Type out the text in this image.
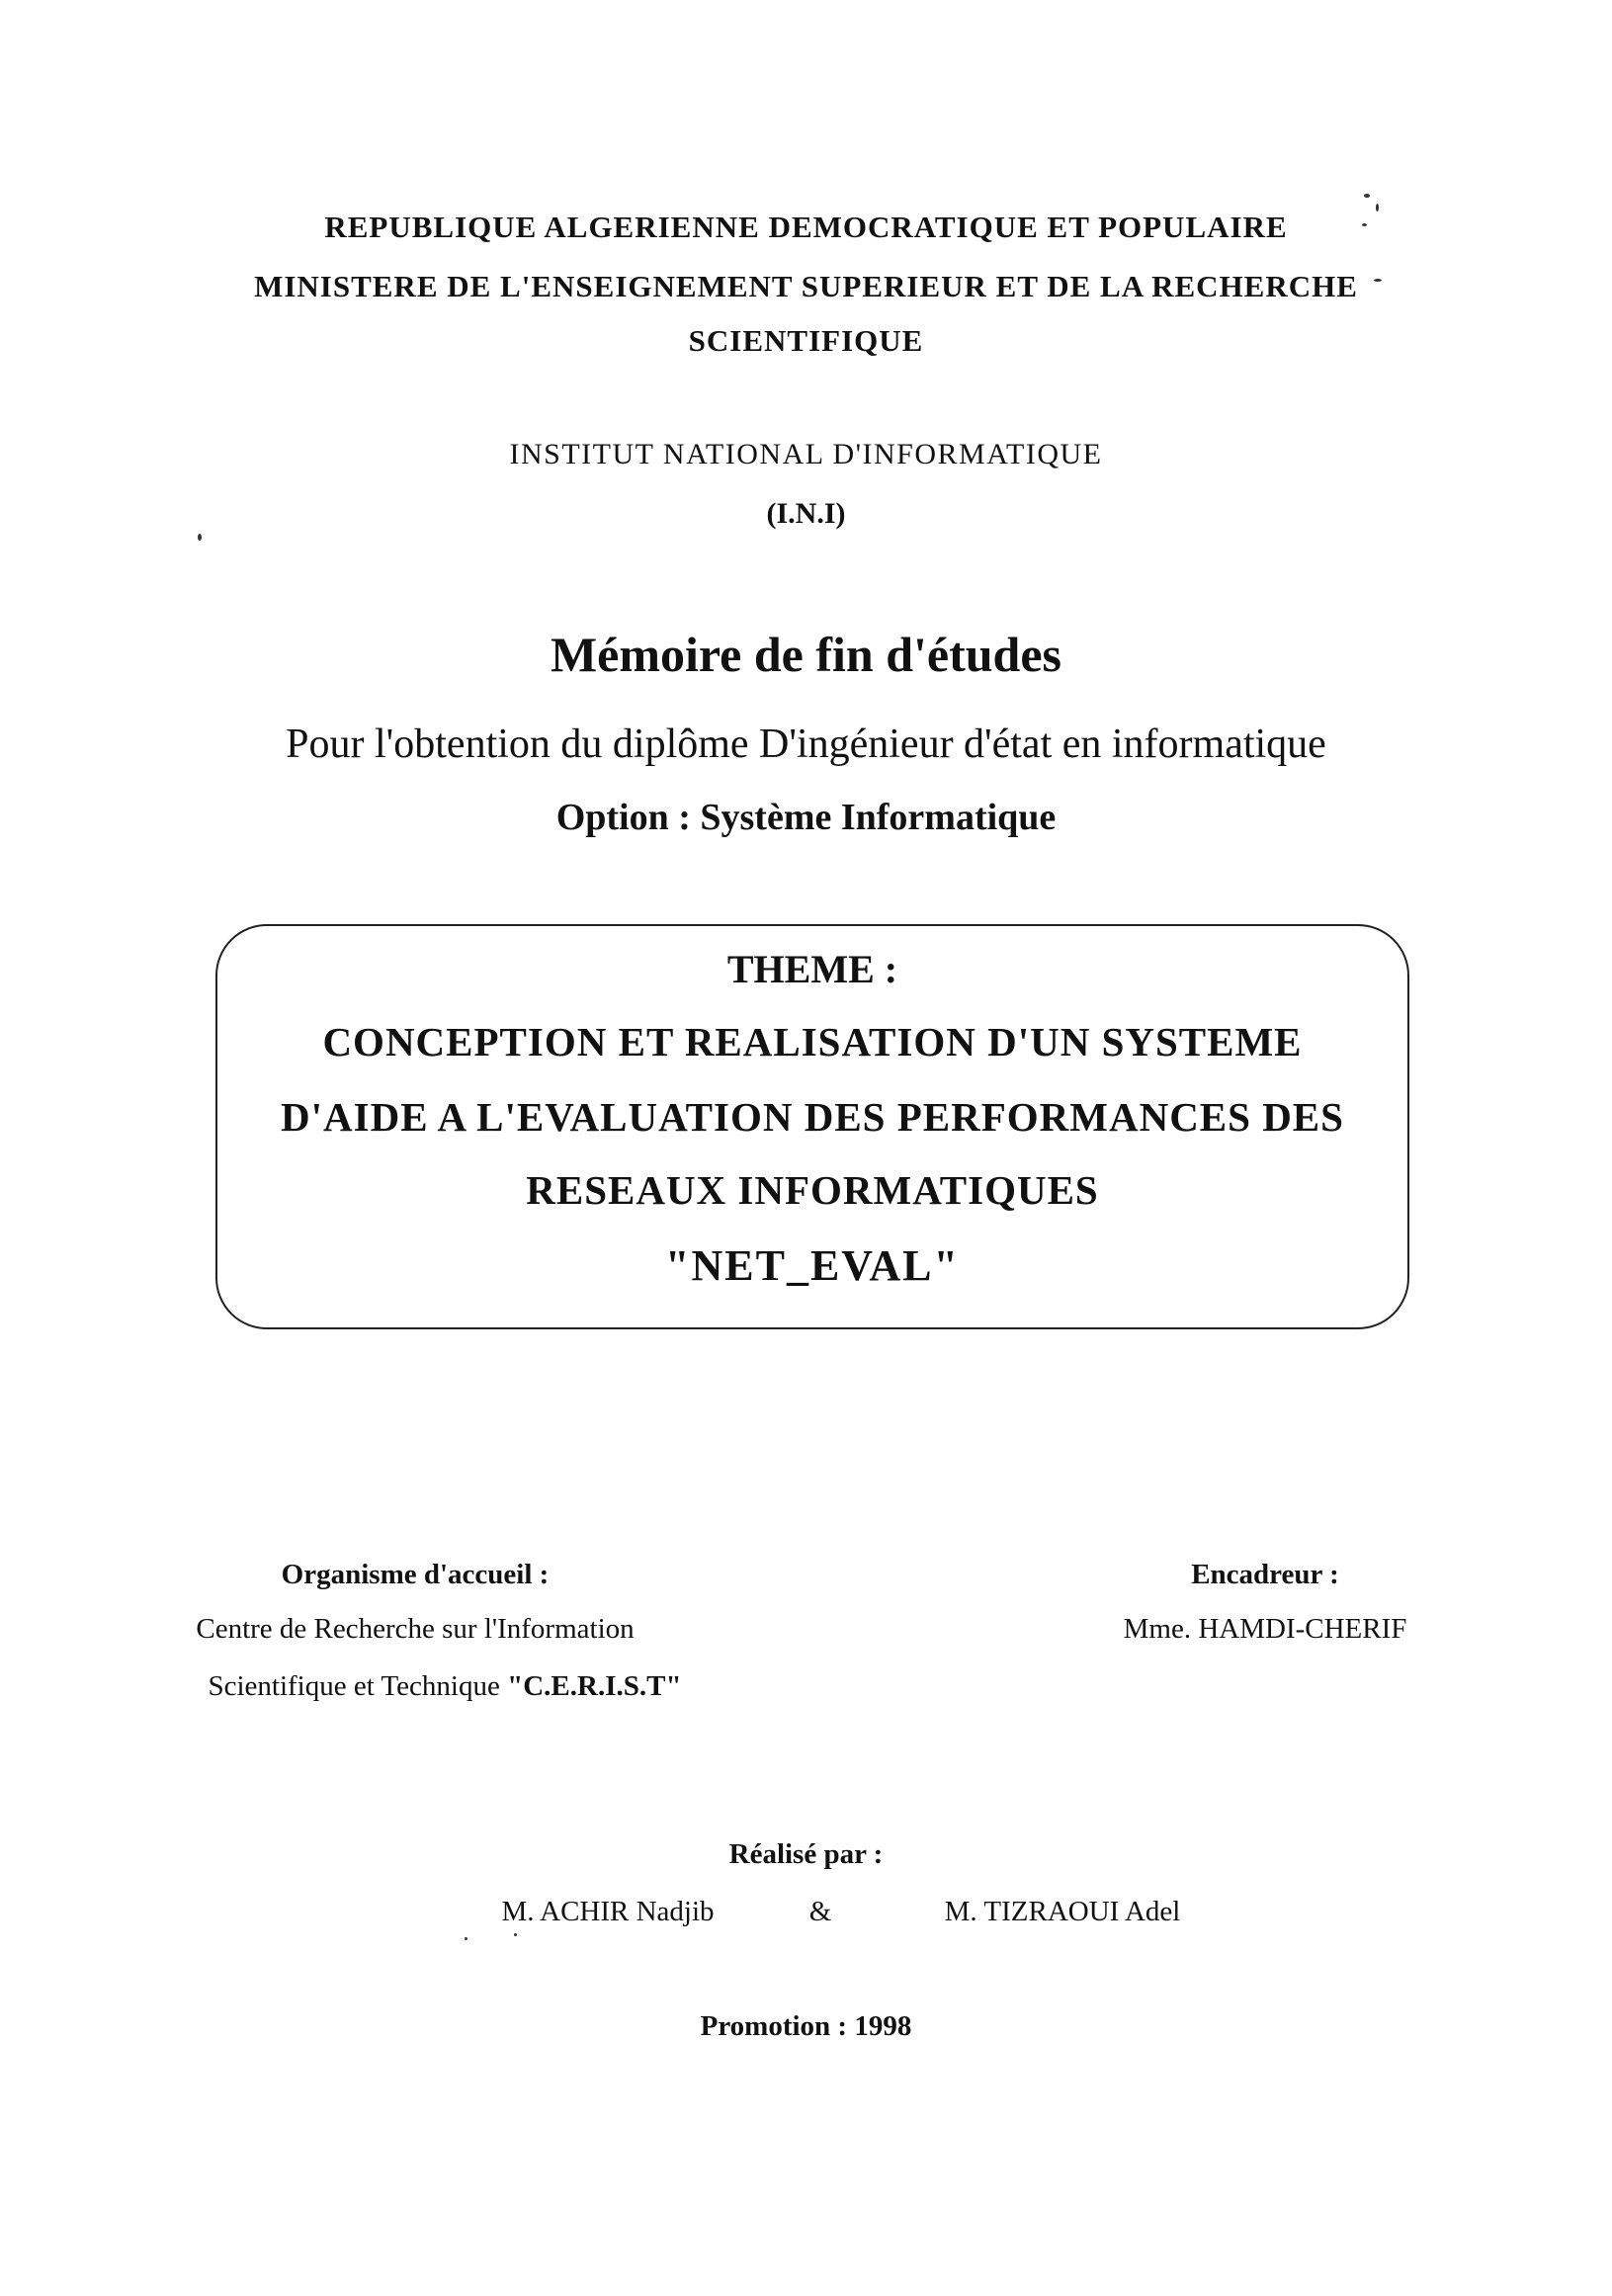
REPUBLIQUE ALGERIENNE DEMOCRATIQUE ET POPULAIRE
MINISTERE DE L'ENSEIGNEMENT SUPERIEUR ET DE LA RECHERCHE
SCIENTIFIQUE
INSTITUT NATIONAL D'INFORMATIQUE
(I.N.I)
Mémoire de fin d'études
Pour l'obtention du diplôme D'ingénieur d'état en informatique
Option : Système Informatique
THEME :
CONCEPTION ET REALISATION D'UN SYSTEME
D'AIDE A L'EVALUATION DES PERFORMANCES DES
RESEAUX INFORMATIQUES
"NET_EVAL"
Organisme d'accueil :
Centre de Recherche sur l'Information
Scientifique et Technique "C.E.R.I.S.T"
Encadreur :
Mme. HAMDI-CHERIF
Réalisé par :
M. ACHIR Nadjib	&	M. TIZRAOUI Adel
Promotion : 1998
